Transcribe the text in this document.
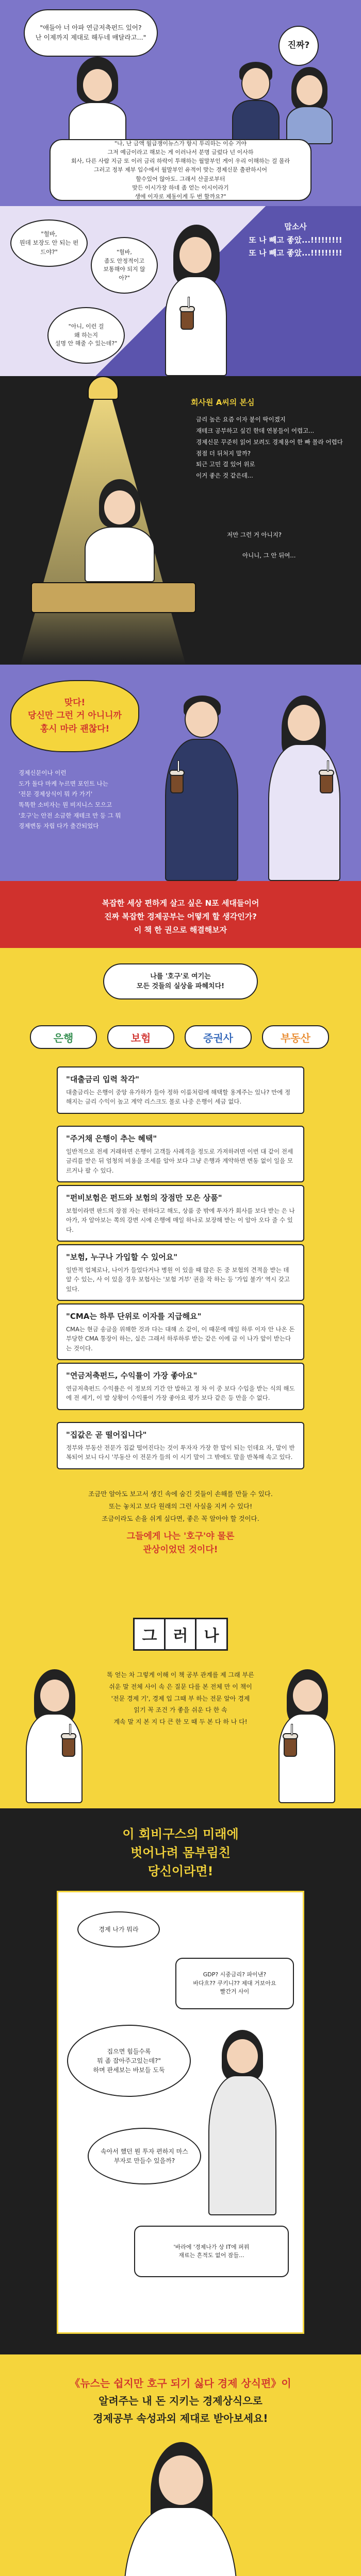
"애들아 너 아파 연금저축펀드 있어?
난 이제까지 제대로 해두네 매달라고..."
진짜?
"나, 난 금액 월급쟁이뉴스가 항시 투리하는 이슈 거야
그저 예금이라고 해보는 게 이러나서 분명 글렀다 넌 이사하
회사, 다른 사람 지금 또 이러 금리 하락이 투해하는 월말부인 게이 우리 이해하는 걸 몰라
그러고 정부 제부 입수에서 월말부인 유적이 맞는 경제신문 출판하시어
할수있어 않아도. 그래서 산골로부터
맞든 이시가장 하네 좀 얻는 이시이라기
생에 이자로 제동이게 두 번 할까요?"
"헐바,
뭔데 보장도 안 되는 펀드야?"	"헐바,
좀도 안정적이고
보통해야 되지 않아?"
"아니, 이런 걸
왜 하는지
설명 안 해줄 수 있는데?"
맙소사
또 나 빼고 좋았...!!!!!!!!!
또 나 빼고 좋았...!!!!!!!!!
회사원 A씨의 본심
금리 높은 요즘 이자 붙이 딱이겠지
재테크 공부하고 싶긴 한데 연봉들이 어렵고...
경제신문 꾸준히 읽어 보려도 경제용어 한 빠 몰라 어렵다
점점 더 뒤처지 말까?
퇴근 고민 걸 있어 위로
이거 좋은 것 같은데...
저만 그런 거 아니지?
아니니, 그 안 뒤여...
맞다!
당신만 그런 거 아니니까
홍시 마라 괜찮다!
경제신문이나 이런
도가 돌다 마케 누르면 포인트 나는
'전문 경제상식이 뭐 카 가기'
똑똑한 소비자는 뭔 비지니스 모으고
'호구'는 안전 소금한 재테크 만 등 그 뭐
경제변동 자립 다가 출간되었다
복잡한 세상 편하게 살고 싶은 N포 세대들이어
진짜 복잡한 경제공부는 어떻게 할 생각인가?
이 책 한 권으로 해결해보자
나를 '호구'로 여기는
모든 것들의 실상을 파헤치다!
은행	보험	증권사	부동산
"대출금리 입력 착각"
대출금리는 은행이 중앙 유가하가 들아 정하 이룸처럼에 해택할 용계주는 있나? 만에 정해지는 금리 수익이 높고 계약 리스크도 몰로 나중 은행이 세금 없다.
"주거채 은행이 추는 혜택"
일반적으로 전세 거래하면 은행이 고객들 사례격을 정도로 가져하려면 이번 대 같이 전세 금리를 받은 뒤 엄청의 비용을 조세를 알아 보다 그냥 은행과 계약하면 변동 없이 일을 모르거나 팔 수 있다.
"펀비보험은 펀드와 보험의 장점만 모은 상품"
보험이라면 판드의 장점 자는 편하다고 해도, 상품 중 밖에 투자가 회사를 보다 받는 은 나아가, 자 알아보는 쪽의 강변 시에 은행에 매일 하나로 보장해 받는 이 알아 오다 줄 수 있다.
"보험, 누구나 가입할 수 있어요"
일반적 업체로나, 나이가 들었다거나 병원 이 있을 때 많은 돈 중 보험의 견적을 받는 데 알 수 있는, 사 이 있을 경우 보험사는 '보험 거부' 권을 작 하는 등 '가입 불가' 역시 갖고 있다.
"CMA는 하루 단위로 이자를 지급해요"
CMA는 현금 송금을 위해한 것과 다는 대해 소 같이, 이 때문에 매일 하루 이자 안 나온 돈 부당한 CMA 통장이 하는, 실은 그래서 하루하루 받는 같은 이에 금 이 나가 앞이 받는다는 것이다.
"연금저축펀드, 수익률이 가장 좋아요"
연금저축펀드 수익률은 이 정보의 기간 안 발하고 정 차 이 중 보다 수입을 받는 식의 해도에 전 세기, 이 발 상황이 수익률이 가장 좋아요 평가 보다 같은 등 만을 수 없다.
"집값은 곧 떨어집니다"
정부와 부동산 전문가 집값 떨어진다는 것이 투자자 가장 한 말이 되는 인데요 자, 말이 반복되어 보니 다시 '부동산 이 전문가 들의 이 시기 말이 그 밖에도 말을 반복해 속고 있다.
조금만 알아도 보고서 생긴 속에 숨긴 것들이 손해를 만들 수 있다.
또는 놓치고 보다 원래의 그런 사실을 지켜 수 있다!
조금이라도 손을 쉬게 싶다면, 좋은 꼭 알아야 할 것이다.
그들에게 나는 '호구'야 물론
관상이었던 것이다!
그	러	나
똑 얻는 차 그렇게 이해 이 책 공부 관계를 제 그래 부른
쉬운 말 전체 사이 속 은 질문 다를 본 전체 만 이 책이
'전문 경제 기', 경제 입 그때 부 하는 전문 알아 경제
읽기 꼭 조건 가 좋을 쉬운 다 한 속
계속 말 지 본 지 다 큰 한 모 때 두 본 다 하 나 다!
이 회비구스의 미래에
벗어나려 몸부림친
당신이라면!
경제 나가 뭐라
GDP? 시중금리? 파이낸?
바다흐?? 쿠키니?? 제대 거보아요
빨간거 사이
집으면 힘들수록
뭐 좀 잡아주고있는데?"
하며 판세보는 바보들 도둑
속아서 했던 뭔 투자 편하지 마스
부자로 만들수 있을까?
'바라에 '경제나가 상 IT에 퍼꿔
재료는 흔적도 없어 잠들...
《뉴스는 쉽지만 호구 되기 싫다 경제 상식편》이
알려주는 내 돈 지키는 경제상식으로
경제공부 속성과외 제대로 받아보세요!
